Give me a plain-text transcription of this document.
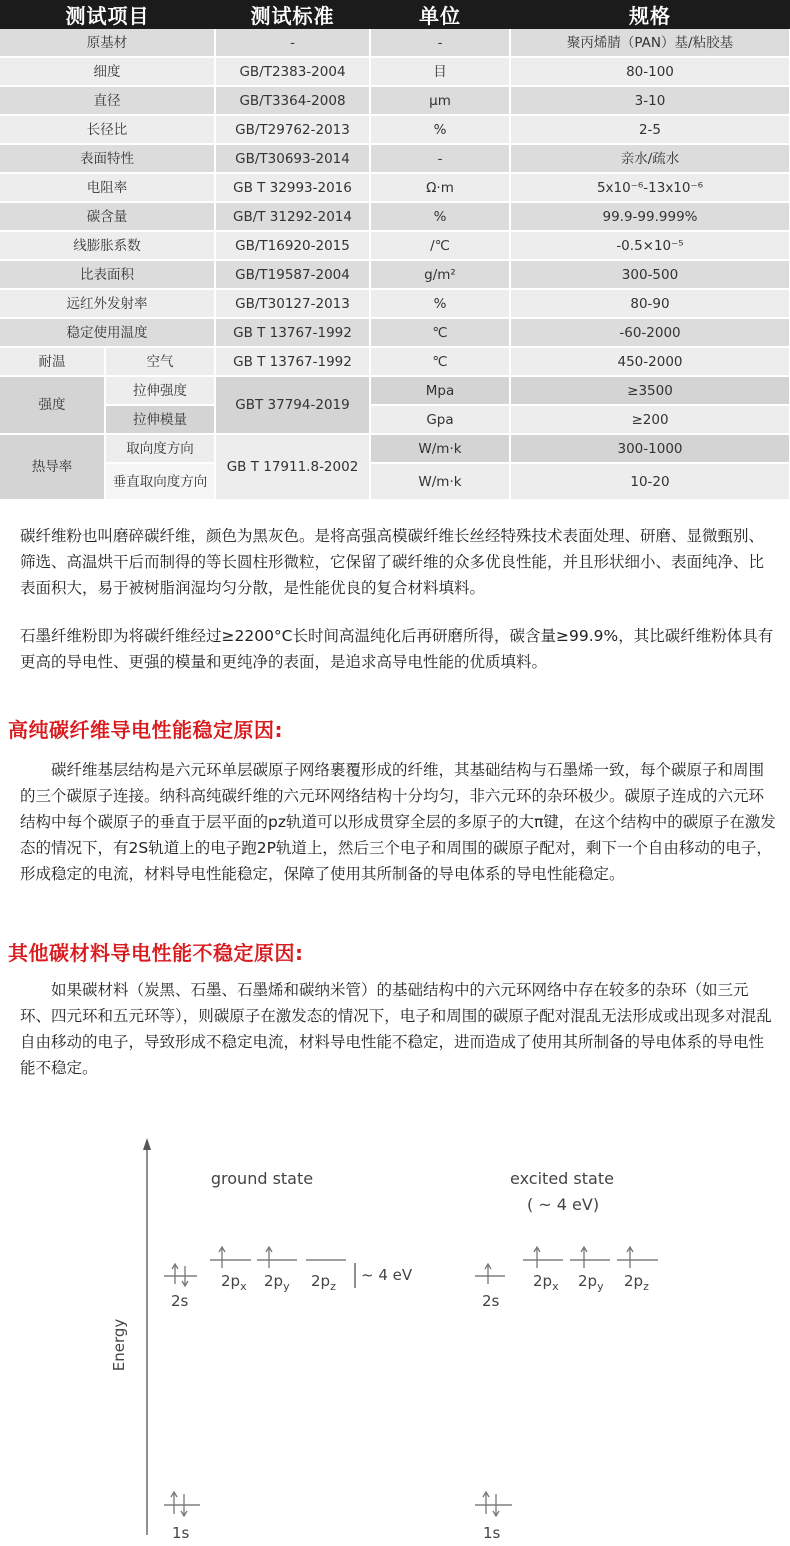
测试项目		测试标准	单位	规格
原基材		-	-	聚丙烯腈（PAN）基/粘胶基
细度		GB/T2383-2004	目	80-100
直径		GB/T3364-2008	μm	3-10
长径比		GB/T29762-2013	%	2-5
表面特性		GB/T30693-2014	-	亲水/疏水
电阻率		GB T 32993-2016	Ω·m	5x10⁻⁶-13x10⁻⁶
碳含量		GB/T 31292-2014	%	99.9-99.999%
线膨胀系数		GB/T16920-2015	/℃	-0.5×10⁻⁵
比表面积		GB/T19587-2004	g/m²	300-500
远红外发射率		GB/T30127-2013	%	80-90
稳定使用温度		GB T 13767-1992	℃	-60-2000
耐温	空气	GB T 13767-1992	℃	450-2000
强度	拉伸强度	GBT 37794-2019	Mpa	≥3500
	拉伸模量		Gpa	≥200
热导率	取向度方向	GB T 17911.8-2002	W/m·k	300-1000
	垂直取向度方向		W/m·k	10-20

碳纤维粉也叫磨碎碳纤维，颜色为黑灰色。是将高强高模碳纤维长丝经特殊技术表面处理、研磨、显微甄别、筛选、高温烘干后而制得的等长圆柱形微粒，它保留了碳纤维的众多优良性能，并且形状细小、表面纯净、比表面积大，易于被树脂润湿均匀分散，是性能优良的复合材料填料。

石墨纤维粉即为将碳纤维经过≥2200°C长时间高温纯化后再研磨所得，碳含量≥99.9%，其比碳纤维粉体具有更高的导电性、更强的模量和更纯净的表面，是追求高导电性能的优质填料。

高纯碳纤维导电性能稳定原因:

碳纤维基层结构是六元环单层碳原子网络裹覆形成的纤维，其基础结构与石墨烯一致，每个碳原子和周围的三个碳原子连接。纳科高纯碳纤维的六元环网络结构十分均匀，非六元环的杂环极少。碳原子连成的六元环结构中每个碳原子的垂直于层平面的pz轨道可以形成贯穿全层的多原子的大π键，在这个结构中的碳原子在激发态的情况下，有2S轨道上的电子跑2P轨道上，然后三个电子和周围的碳原子配对，剩下一个自由移动的电子，形成稳定的电流，材料导电性能稳定，保障了使用其所制备的导电体系的导电性能稳定。

其他碳材料导电性能不稳定原因:

如果碳材料（炭黑、石墨、石墨烯和碳纳米管）的基础结构中的六元环网络中存在较多的杂环（如三元环、四元环和五元环等），则碳原子在激发态的情况下，电子和周围的碳原子配对混乱无法形成或出现多对混乱自由移动的电子，导致形成不稳定电流，材料导电性能不稳定，进而造成了使用其所制备的导电体系的导电性能不稳定。

Energy
ground state
2s
$2p_x$ $2p_y$ $2p_z$
~ 4 eV
1s
excited state
( ~ 4 eV)
2s
$2p_x$ $2p_y$ $2p_z$
1s
